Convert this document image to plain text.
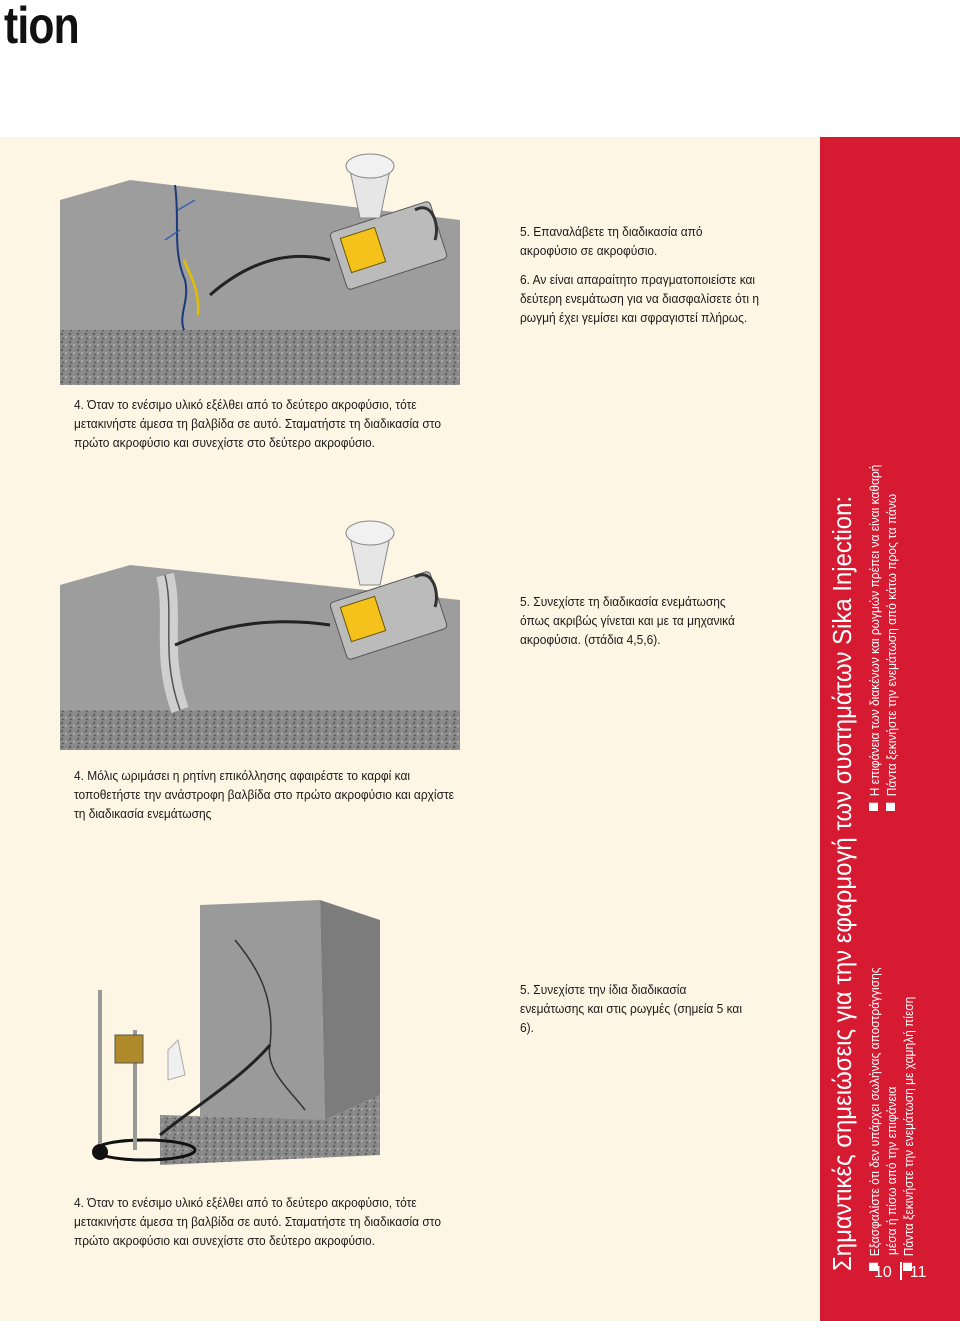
tion
4. Όταν το ενέσιμο υλικό εξέλθει από το δεύτερο ακροφύσιο, τότε μετακινήστε άμεσα τη βαλβίδα σε αυτό. Σταματήστε τη διαδικασία στο πρώτο ακροφύσιο και συνεχίστε στο δεύτερο ακροφύσιο.
5. Επαναλάβετε τη διαδικασία από ακροφύσιο σε ακροφύσιο.
6. Αν είναι απαραίτητο πραγματοποιείστε και δεύτερη ενεμάτωση για να διασφαλίσετε ότι η ρωγμή έχει γεμίσει και σφραγιστεί πλήρως.
4. Μόλις ωριμάσει η ρητίνη επικόλλησης αφαιρέστε το καρφί και τοποθετήστε την ανάστροφη βαλβίδα στο πρώτο ακροφύσιο και αρχίστε τη διαδικασία ενεμάτωσης
5. Συνεχίστε τη διαδικασία ενεμάτωσης όπως ακριβώς γίνεται και με τα μηχανικά ακροφύσια. (στάδια 4,5,6).
4. Όταν το ενέσιμο υλικό εξέλθει από το δεύτερο ακροφύσιο, τότε μετακινήστε άμεσα τη βαλβίδα σε αυτό. Σταματήστε τη διαδικασία στο πρώτο ακροφύσιο και συνεχίστε στο δεύτερο ακροφύσιο.
5. Συνεχίστε την ίδια διαδικασία ενεμάτωσης και στις ρωγμές (σημεία 5 και 6).	Σημαντικές σημειώσεις για την εφαρμογή των συστημάτων Sika Injection: Εξασφαλίστε ότι δεν υπάρχει σωλήνας αποστράγγισης μέσα ή πίσω από την επιφάνεια Πάντα ξεκινήστε την ενεμάτωση με χαμηλή πίεση
Η επιφάνεια των διακένων και ρωγμών πρέπει να είναι καθαρή Πάντα ξεκινήστε την ενεμάτωση από κάτω προς τα πάνω
10 11
